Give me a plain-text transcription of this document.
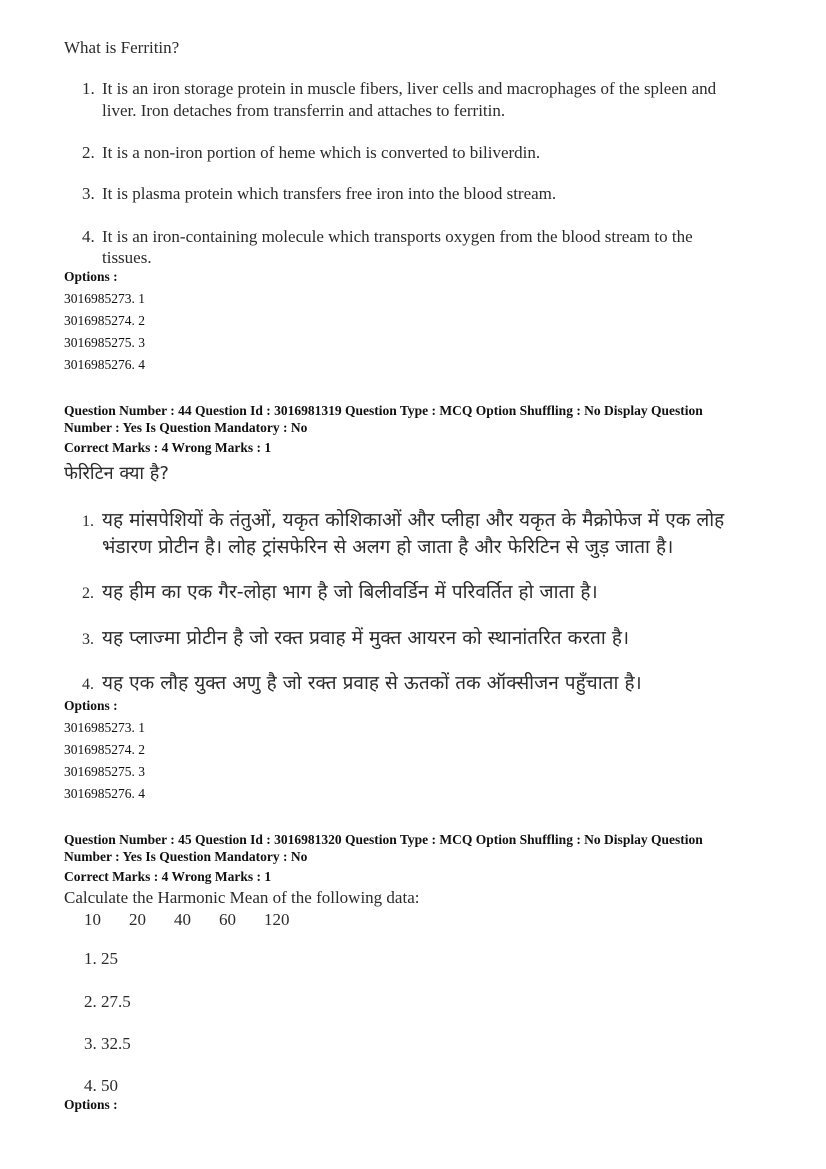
What is Ferritin?
1. It is an iron storage protein in muscle fibers, liver cells and macrophages of the spleen and
liver. Iron detaches from transferrin and attaches to ferritin.
2. It is a non-iron portion of heme which is converted to biliverdin.
3. It is plasma protein which transfers free iron into the blood stream.
4. It is an iron-containing molecule which transports oxygen from the blood stream to the
tissues.
Options :
3016985273. 1
3016985274. 2
3016985275. 3
3016985276. 4
Question Number : 44 Question Id : 3016981319 Question Type : MCQ Option Shuffling : No Display Question
Number : Yes Is Question Mandatory : No
Correct Marks : 4 Wrong Marks : 1
फेरिटिन क्या है?
1. यह मांसपेशियों के तंतुओं, यकृत कोशिकाओं और प्लीहा और यकृत के मैक्रोफेज में एक लोह
भंडारण प्रोटीन है। लोह ट्रांसफेरिन से अलग हो जाता है और फेरिटिन से जुड़ जाता है।
2. यह हीम का एक गैर-लोहा भाग है जो बिलीवर्डिन में परिवर्तित हो जाता है।
3. यह प्लाज्मा प्रोटीन है जो रक्त प्रवाह में मुक्त आयरन को स्थानांतरित करता है।
4. यह एक लौह युक्त अणु है जो रक्त प्रवाह से ऊतकों तक ऑक्सीजन पहुँचाता है।
Options :
3016985273. 1
3016985274. 2
3016985275. 3
3016985276. 4
Question Number : 45 Question Id : 3016981320 Question Type : MCQ Option Shuffling : No Display Question
Number : Yes Is Question Mandatory : No
Correct Marks : 4 Wrong Marks : 1
Calculate the Harmonic Mean of the following data:
10 20 40 60 120
1. 25
2. 27.5
3. 32.5
4. 50
Options :
